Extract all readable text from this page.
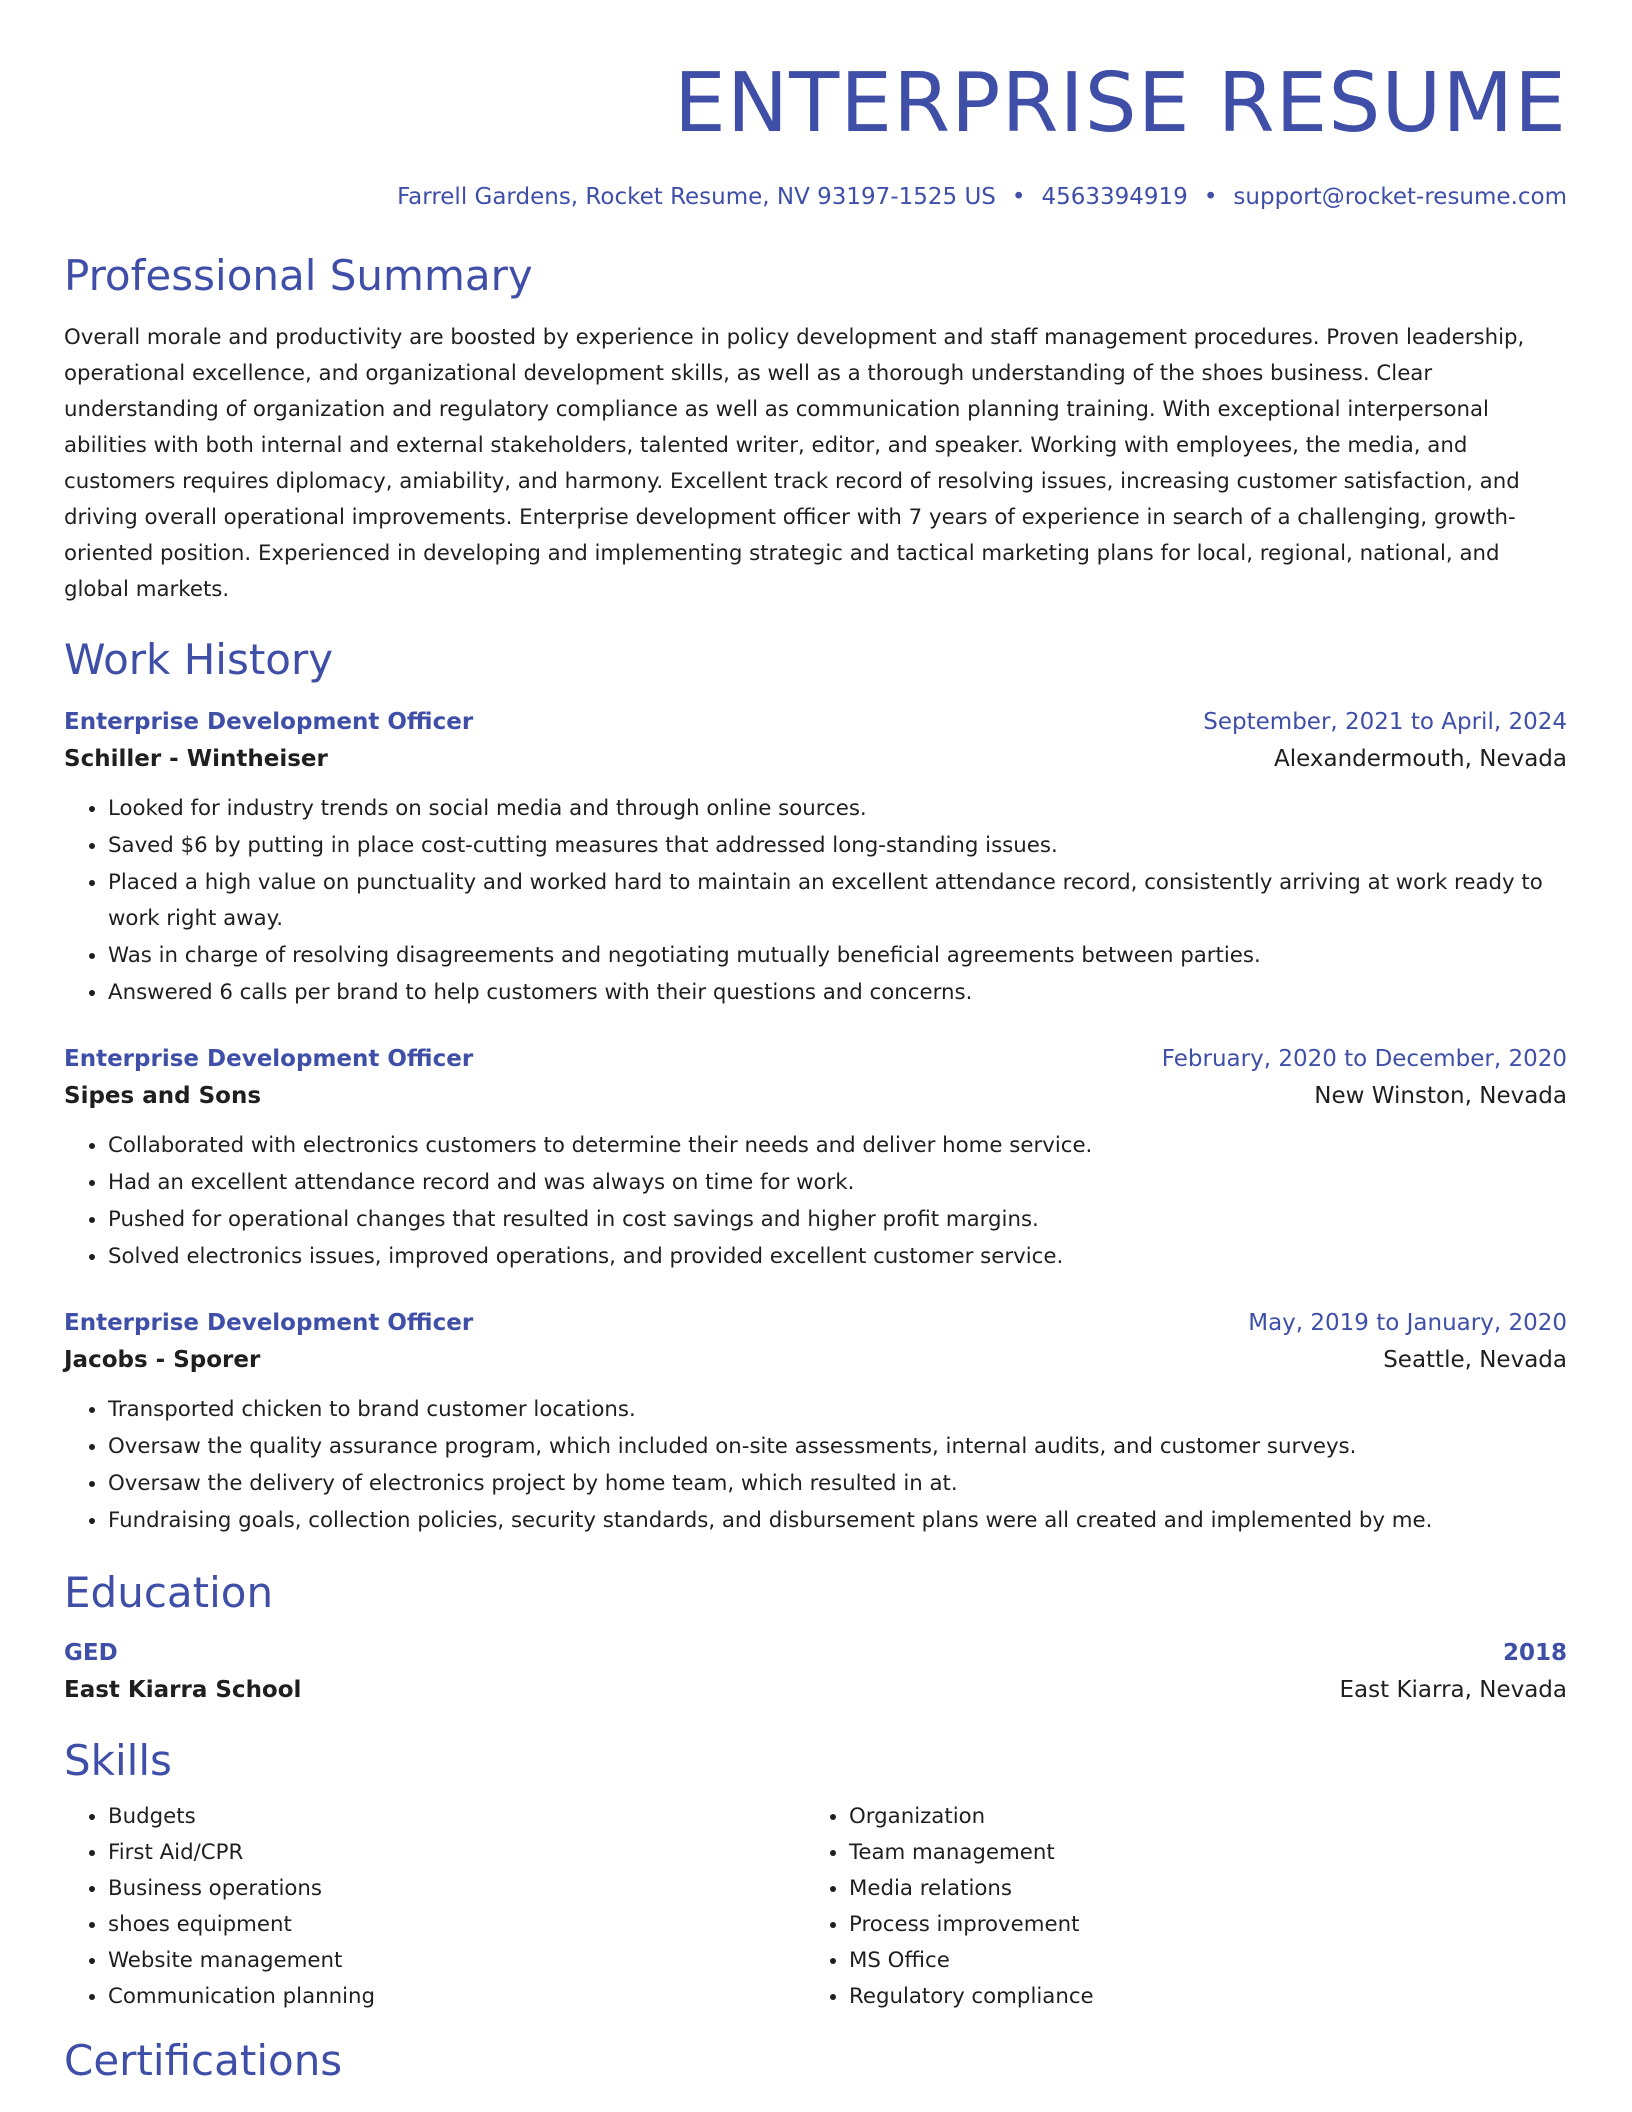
ENTERPRISE RESUME
Farrell Gardens, Rocket Resume, NV 93197-1525 US • 4563394919 • support@rocket-resume.com
Professional Summary
Overall morale and productivity are boosted by experience in policy development and staff management procedures. Proven leadership, operational excellence, and organizational development skills, as well as a thorough understanding of the shoes business. Clear understanding of organization and regulatory compliance as well as communication planning training. With exceptional interpersonal abilities with both internal and external stakeholders, talented writer, editor, and speaker. Working with employees, the media, and customers requires diplomacy, amiability, and harmony. Excellent track record of resolving issues, increasing customer satisfaction, and driving overall operational improvements. Enterprise development officer with 7 years of experience in search of a challenging, growth-oriented position. Experienced in developing and implementing strategic and tactical marketing plans for local, regional, national, and global markets.
Work History
Enterprise Development Officer	September, 2021 to April, 2024
Schiller - Wintheiser	Alexandermouth, Nevada
• Looked for industry trends on social media and through online sources.
• Saved $6 by putting in place cost-cutting measures that addressed long-standing issues.
• Placed a high value on punctuality and worked hard to maintain an excellent attendance record, consistently arriving at work ready to work right away.
• Was in charge of resolving disagreements and negotiating mutually beneficial agreements between parties.
• Answered 6 calls per brand to help customers with their questions and concerns.
Enterprise Development Officer	February, 2020 to December, 2020
Sipes and Sons	New Winston, Nevada
• Collaborated with electronics customers to determine their needs and deliver home service.
• Had an excellent attendance record and was always on time for work.
• Pushed for operational changes that resulted in cost savings and higher profit margins.
• Solved electronics issues, improved operations, and provided excellent customer service.
Enterprise Development Officer	May, 2019 to January, 2020
Jacobs - Sporer	Seattle, Nevada
• Transported chicken to brand customer locations.
• Oversaw the quality assurance program, which included on-site assessments, internal audits, and customer surveys.
• Oversaw the delivery of electronics project by home team, which resulted in at.
• Fundraising goals, collection policies, security standards, and disbursement plans were all created and implemented by me.
Education
GED	2018
East Kiarra School	East Kiarra, Nevada
Skills
• Budgets
• First Aid/CPR
• Business operations
• shoes equipment
• Website management
• Communication planning
• Organization
• Team management
• Media relations
• Process improvement
• MS Office
• Regulatory compliance
Certifications
